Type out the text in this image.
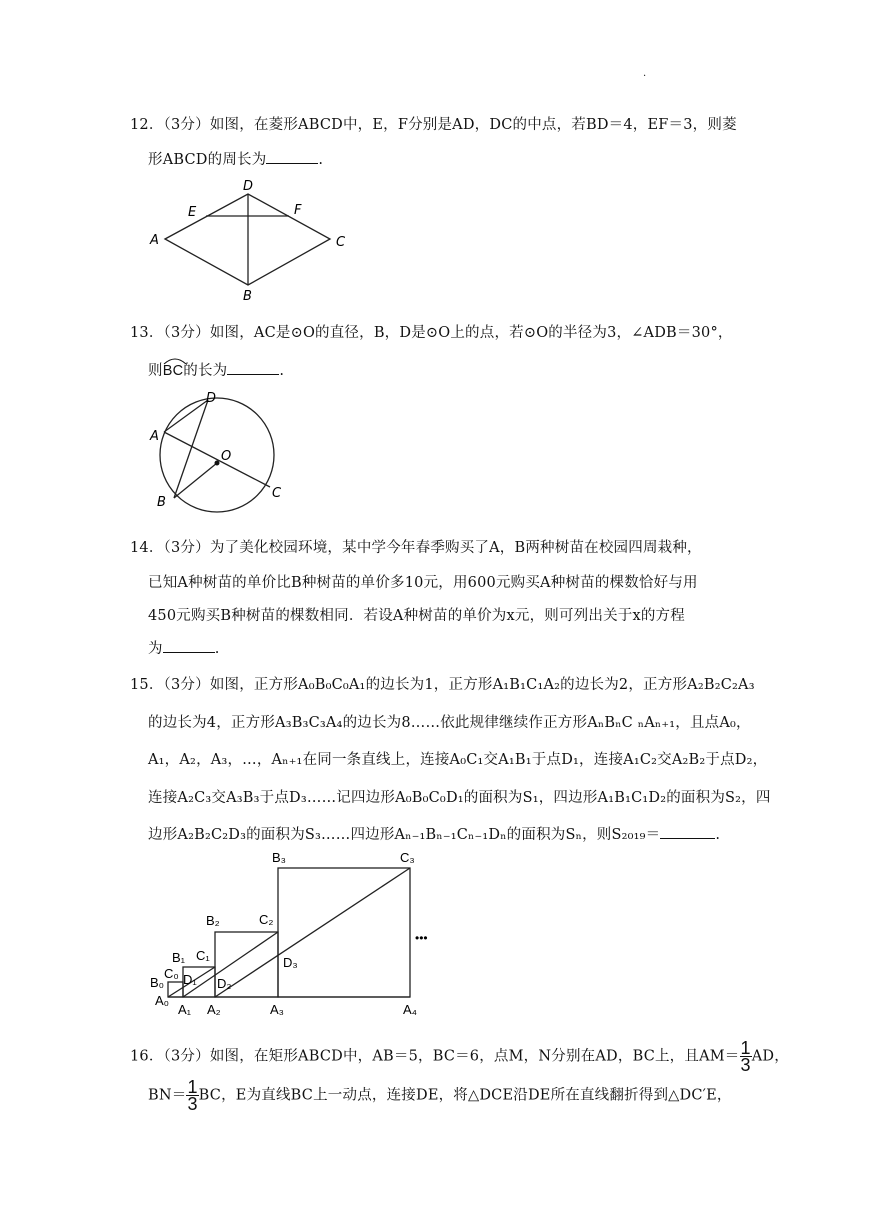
.
12．（3分）如图，在菱形ABCD中，E，F分别是AD，DC的中点，若BD＝4，EF＝3，则菱
形ABCD的周长为	.
A
B
C
D
E	F
13．（3分）如图，AC是⊙O的直径，B，D是⊙O上的点，若⊙O的半径为3，∠ADB＝30°，
则
BC的长为	.
A
B
C
D
O
14．（3分）为了美化校园环境，某中学今年春季购买了A，B两种树苗在校园四周栽种，
已知A种树苗的单价比B种树苗的单价多10元，用600元购买A种树苗的棵数恰好与用
450元购买B种树苗的棵数相同．若设A种树苗的单价为x元，则可列出关于x的方程
为	.
15．（3分）如图，正方形A₀B₀C₀A₁的边长为1，正方形A₁B₁C₁A₂的边长为2，正方形A₂B₂C₂A₃
的边长为4，正方形A₃B₃C₃A₄的边长为8……依此规律继续作正方形AₙBₙC ₙAₙ₊₁，且点A₀，
A₁，A₂，A₃，…，Aₙ₊₁在同一条直线上，连接A₀C₁交A₁B₁于点D₁，连接A₁C₂交A₂B₂于点D₂，
连接A₂C₃交A₃B₃于点D₃……记四边形A₀B₀C₀D₁的面积为S₁，四边形A₁B₁C₁D₂的面积为S₂，四
边形A₂B₂C₂D₃的面积为S₃……四边形Aₙ₋₁Bₙ₋₁Cₙ₋₁Dₙ的面积为Sₙ，则S₂₀₁₉＝	.
B₀
C₀
A₀
B₁ C₁
D₁
A₁
B₂	C₂
D₂
A₂
B₃	C₃
D₃
A₃	A₄
•••
16．（3分）如图，在矩形ABCD中，AB＝5，BC＝6，点M，N分别在AD，BC上，且$AM= \frac{1}{3}$ AD，
$BN= \frac{1}{3}$ BC，E为直线BC上一动点，连接DE，将△DCE沿DE所在直线翻折得到△DC′E，
